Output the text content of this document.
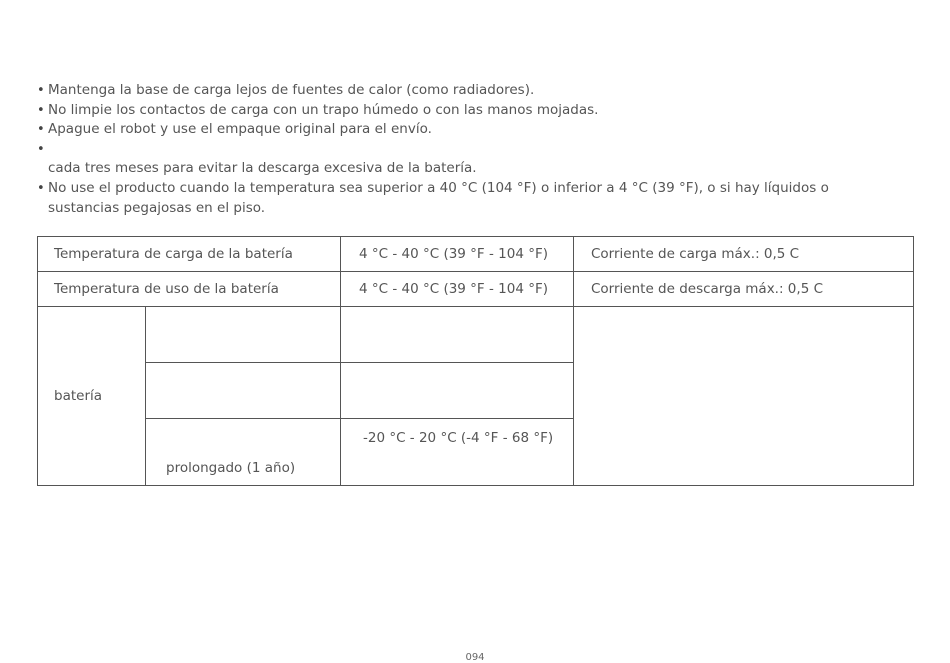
• Mantenga la base de carga lejos de fuentes de calor (como radiadores).
• No limpie los contactos de carga con un trapo húmedo o con las manos mojadas.
• Apague el robot y use el empaque original para el envío.
•

cada tres meses para evitar la descarga excesiva de la batería.
• No use el producto cuando la temperatura sea superior a 40 °C (104 °F) o inferior a 4 °C (39 °F), o si hay líquidos o
sustancias pegajosas en el piso.
Temperatura de carga de la batería		4 °C - 40 °C (39 °F - 104 °F)	Corriente de carga máx.: 0,5 C
Temperatura de uso de la batería		4 °C - 40 °C (39 °F - 104 °F)	Corriente de descarga máx.: 0,5 C
batería			

	prolongado (1 año)	-20 °C - 20 °C (-4 °F - 68 °F)	
094
